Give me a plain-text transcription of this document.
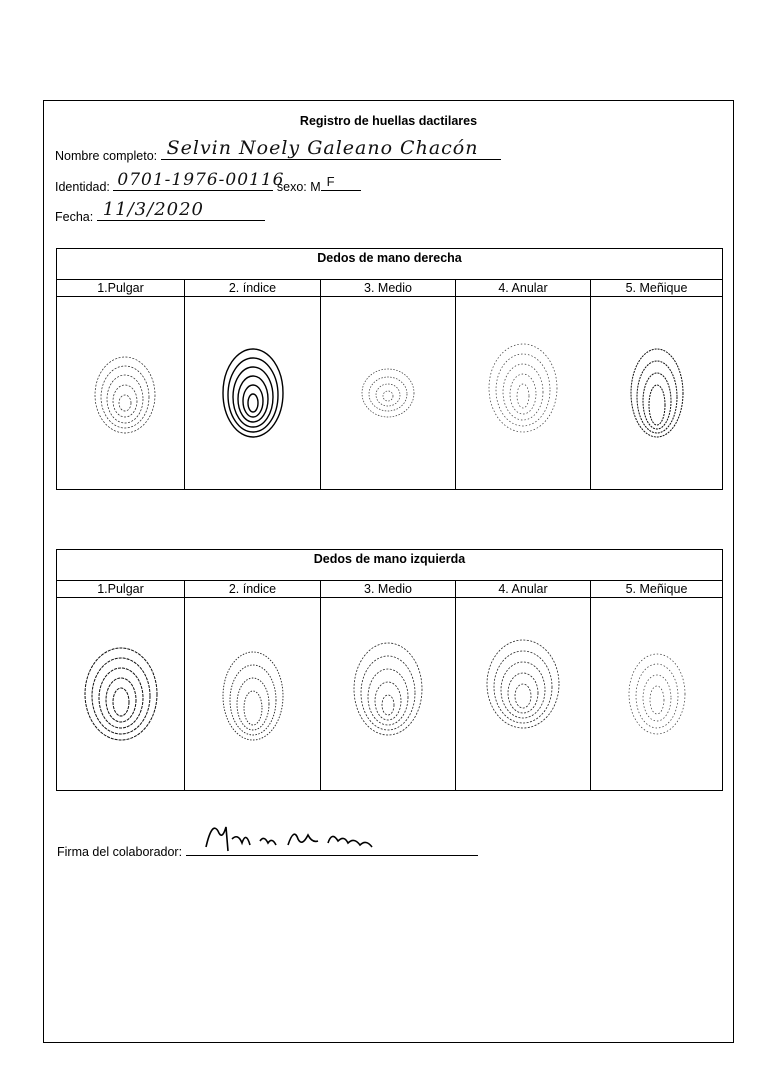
Registro de huellas dactilares
Nombre completo: Selvin Noely Galeano Chacón
Identidad: 0701-1976-00116
sexo: M F
Fecha: 11/3/2020
Dedos de mano derecha
1.Pulgar	2. índice	3. Medio	4. Anular	5. Meñique
Dedos de mano izquierda
1.Pulgar	2. índice	3. Medio	4. Anular	5. Meñique
Firma del colaborador:
